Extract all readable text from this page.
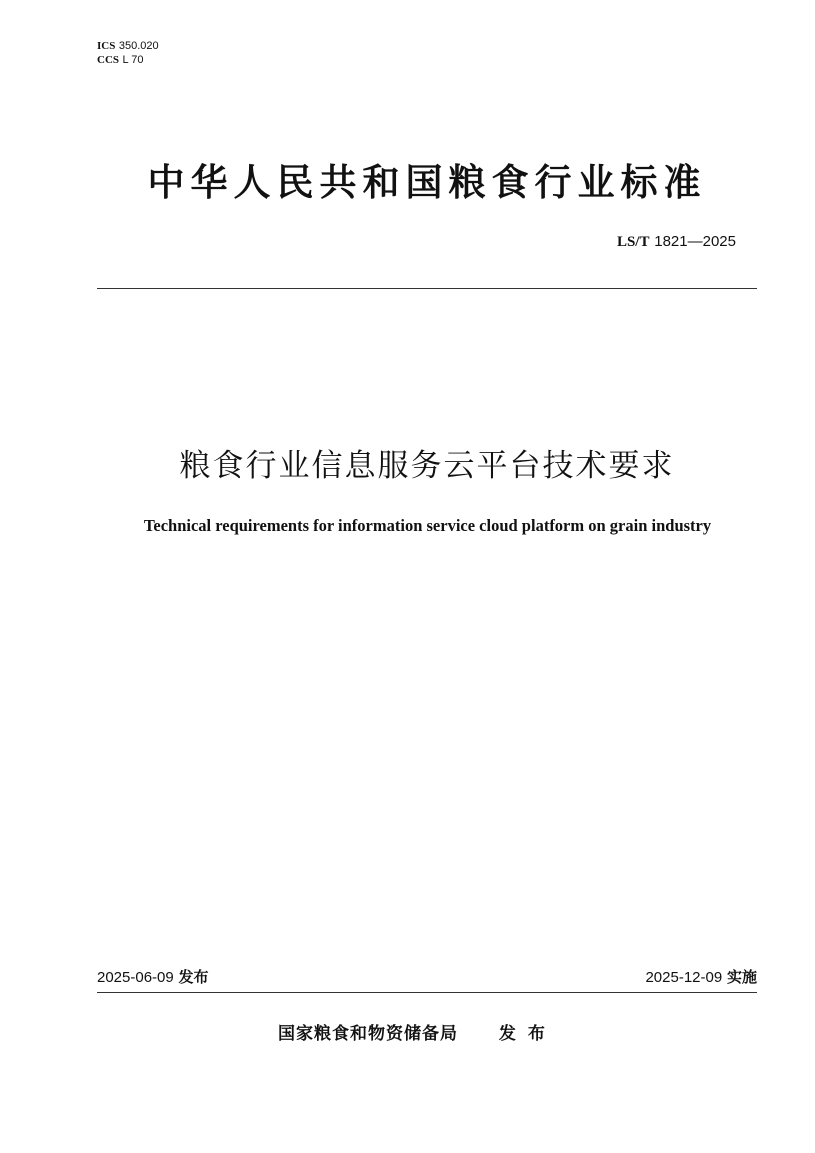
ICS 350.020
CCS L 70
中华人民共和国粮食行业标准
LS/T 1821—2025
粮食行业信息服务云平台技术要求
Technical requirements for information service cloud platform on grain industry
2025-06-09 发布	2025-12-09 实施
国家粮食和物资储备局 发布
